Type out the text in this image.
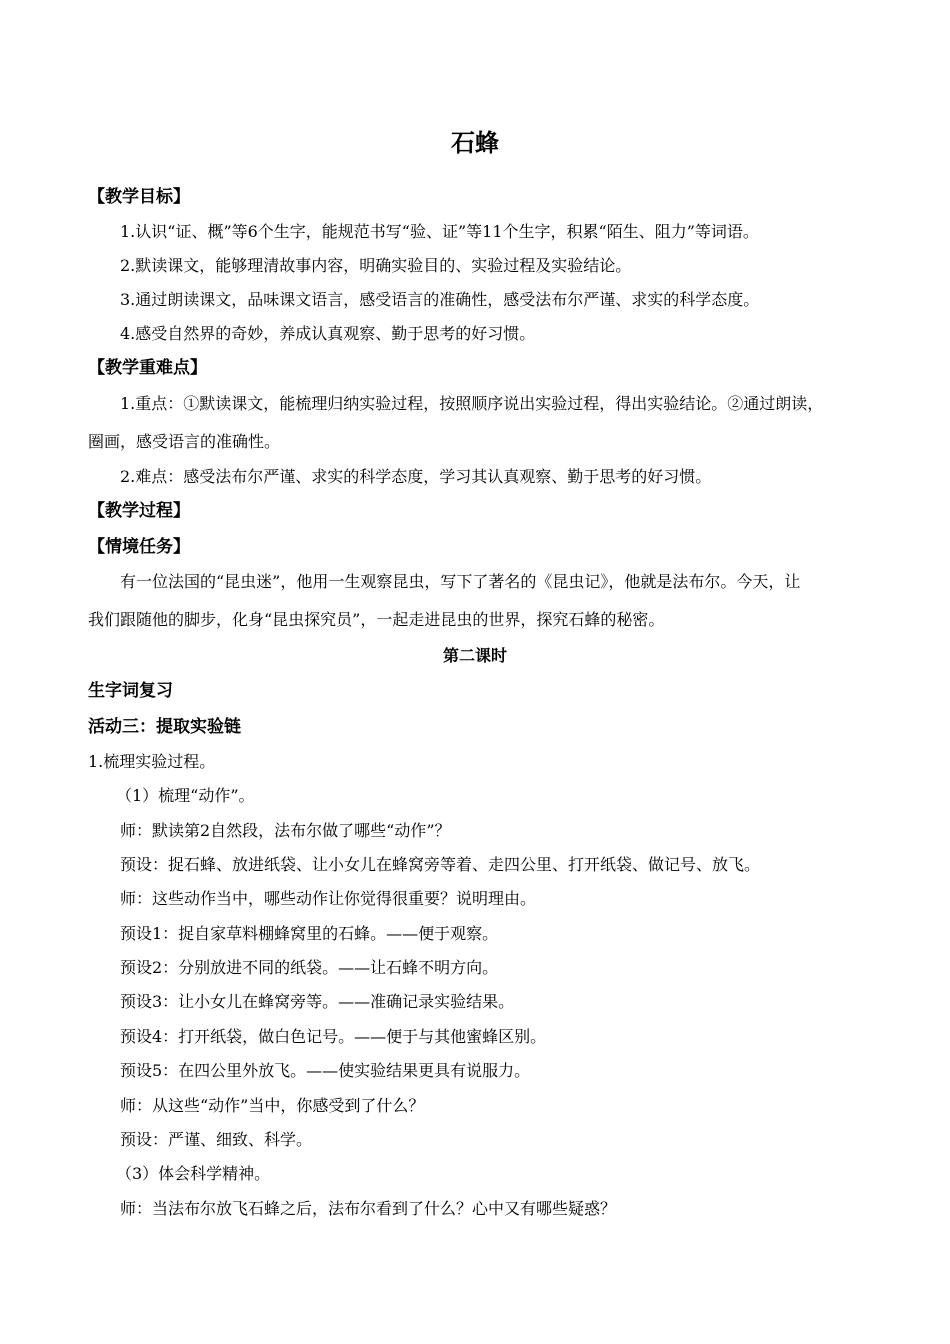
石蜂
【教学目标】
1.认识“证、概”等6个生字，能规范书写“验、证”等11个生字，积累“陌生、阻力”等词语。
2.默读课文，能够理清故事内容，明确实验目的、实验过程及实验结论。
3.通过朗读课文，品味课文语言，感受语言的准确性，感受法布尔严谨、求实的科学态度。
4.感受自然界的奇妙，养成认真观察、勤于思考的好习惯。
【教学重难点】
1.重点：①默读课文，能梳理归纳实验过程，按照顺序说出实验过程，得出实验结论。②通过朗读，
圈画，感受语言的准确性。
2.难点：感受法布尔严谨、求实的科学态度，学习其认真观察、勤于思考的好习惯。
【教学过程】
【情境任务】
有一位法国的“昆虫迷”，他用一生观察昆虫，写下了著名的《昆虫记》，他就是法布尔。今天，让
我们跟随他的脚步，化身“昆虫探究员”，一起走进昆虫的世界，探究石蜂的秘密。
第二课时
生字词复习
活动三：提取实验链
1.梳理实验过程。
（1）梳理“动作”。
师：默读第2自然段，法布尔做了哪些“动作”？
预设：捉石蜂、放进纸袋、让小女儿在蜂窝旁等着、走四公里、打开纸袋、做记号、放飞。
师：这些动作当中，哪些动作让你觉得很重要？说明理由。
预设1：捉自家草料棚蜂窝里的石蜂。——便于观察。
预设2：分别放进不同的纸袋。——让石蜂不明方向。
预设3：让小女儿在蜂窝旁等。——准确记录实验结果。
预设4：打开纸袋，做白色记号。——便于与其他蜜蜂区别。
预设5：在四公里外放飞。——使实验结果更具有说服力。
师：从这些“动作”当中，你感受到了什么？
预设：严谨、细致、科学。
（3）体会科学精神。
师：当法布尔放飞石蜂之后，法布尔看到了什么？心中又有哪些疑惑？
